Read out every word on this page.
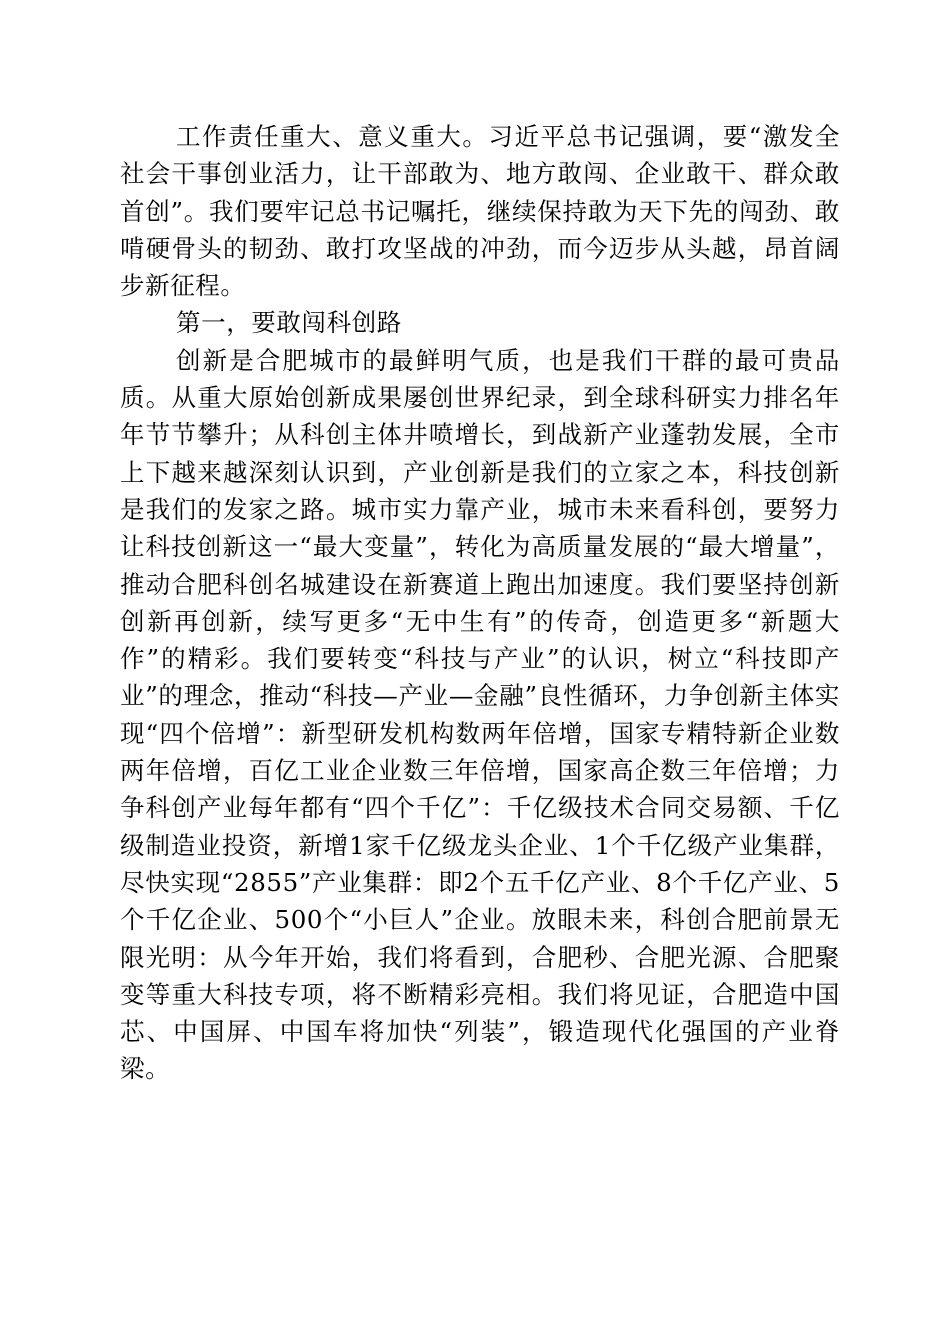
工作责任重大、意义重大。习近平总书记强调，要“激发全社会干事创业活力，让干部敢为、地方敢闯、企业敢干、群众敢首创”。我们要牢记总书记嘱托，继续保持敢为天下先的闯劲、敢啃硬骨头的韧劲、敢打攻坚战的冲劲，而今迈步从头越，昂首阔步新征程。

第一，要敢闯科创路

创新是合肥城市的最鲜明气质，也是我们干群的最可贵品质。从重大原始创新成果屡创世界纪录，到全球科研实力排名年年节节攀升；从科创主体井喷增长，到战新产业蓬勃发展，全市上下越来越深刻认识到，产业创新是我们的立家之本，科技创新是我们的发家之路。城市实力靠产业，城市未来看科创，要努力让科技创新这一“最大变量”，转化为高质量发展的“最大增量”，推动合肥科创名城建设在新赛道上跑出加速度。我们要坚持创新创新再创新，续写更多“无中生有”的传奇，创造更多“新题大作”的精彩。我们要转变“科技与产业”的认识，树立“科技即产业”的理念，推动“科技—产业—金融”良性循环，力争创新主体实现“四个倍增”：新型研发机构数两年倍增，国家专精特新企业数两年倍增，百亿工业企业数三年倍增，国家高企数三年倍增；力争科创产业每年都有“四个千亿”：千亿级技术合同交易额、千亿级制造业投资，新增1家千亿级龙头企业、1个千亿级产业集群，尽快实现“2855”产业集群：即2个五千亿产业、8个千亿产业、5个千亿企业、500个“小巨人”企业。放眼未来，科创合肥前景无限光明：从今年开始，我们将看到，合肥秒、合肥光源、合肥聚变等重大科技专项，将不断精彩亮相。我们将见证，合肥造中国芯、中国屏、中国车将加快“列装”，锻造现代化强国的产业脊梁。
